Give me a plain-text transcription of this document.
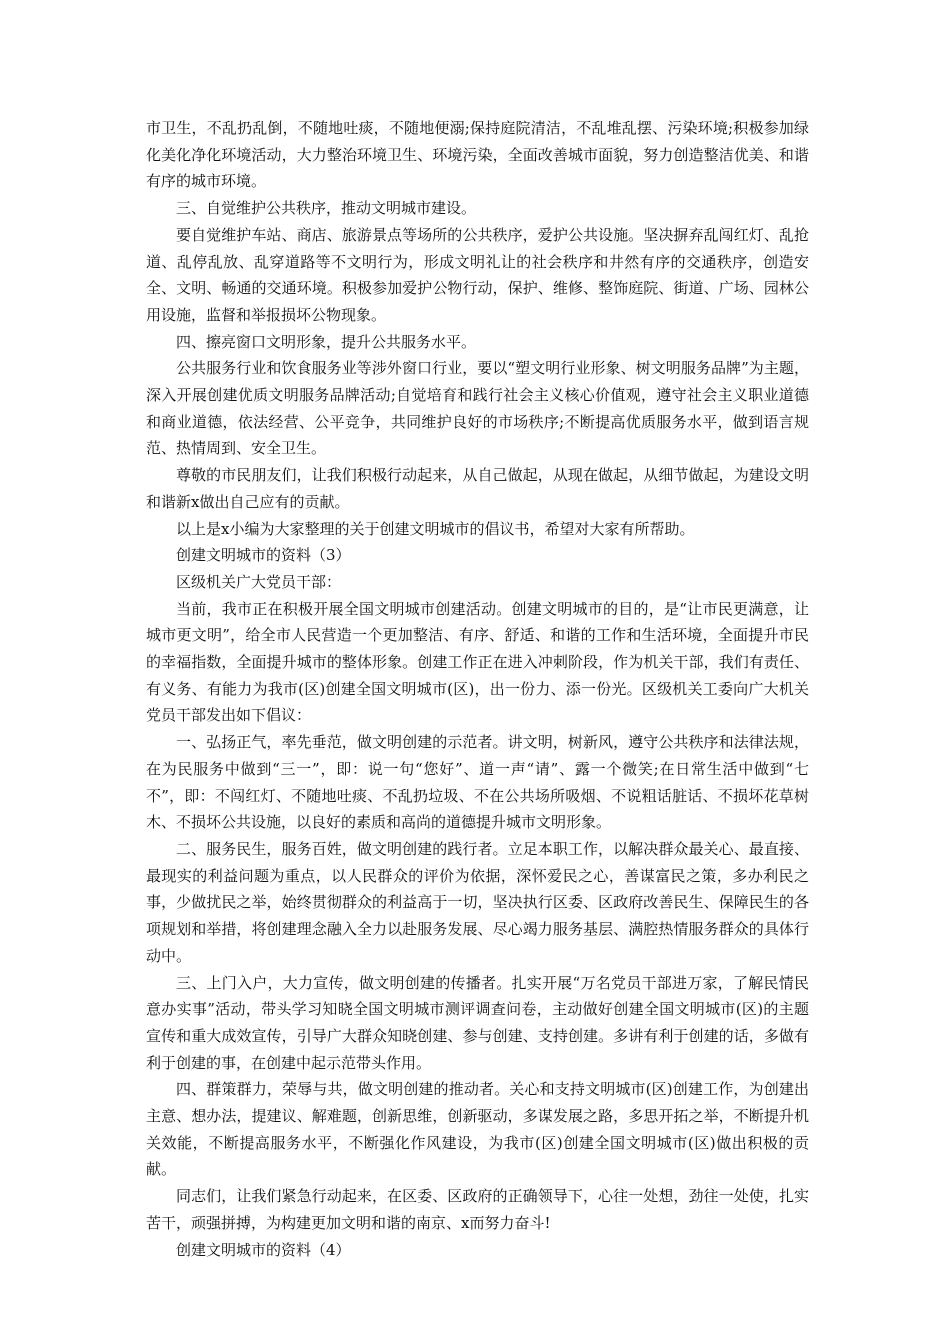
市卫生，不乱扔乱倒，不随地吐痰，不随地便溺;保持庭院清洁，不乱堆乱摆、污染环境;积极参加绿化美化净化环境活动，大力整治环境卫生、环境污染，全面改善城市面貌，努力创造整洁优美、和谐有序的城市环境。

三、自觉维护公共秩序，推动文明城市建设。

要自觉维护车站、商店、旅游景点等场所的公共秩序，爱护公共设施。坚决摒弃乱闯红灯、乱抢道、乱停乱放、乱穿道路等不文明行为，形成文明礼让的社会秩序和井然有序的交通秩序，创造安全、文明、畅通的交通环境。积极参加爱护公物行动，保护、维修、整饰庭院、街道、广场、园林公用设施，监督和举报损坏公物现象。

四、擦亮窗口文明形象，提升公共服务水平。

公共服务行业和饮食服务业等涉外窗口行业，要以“塑文明行业形象、树文明服务品牌”为主题，深入开展创建优质文明服务品牌活动;自觉培育和践行社会主义核心价值观，遵守社会主义职业道德和商业道德，依法经营、公平竞争，共同维护良好的市场秩序;不断提高优质服务水平，做到语言规范、热情周到、安全卫生。

尊敬的市民朋友们，让我们积极行动起来，从自己做起，从现在做起，从细节做起，为建设文明和谐新x做出自己应有的贡献。

以上是x小编为大家整理的关于创建文明城市的倡议书，希望对大家有所帮助。

创建文明城市的资料（3）

区级机关广大党员干部：

当前，我市正在积极开展全国文明城市创建活动。创建文明城市的目的，是“让市民更满意，让城市更文明”，给全市人民营造一个更加整洁、有序、舒适、和谐的工作和生活环境，全面提升市民的幸福指数，全面提升城市的整体形象。创建工作正在进入冲刺阶段，作为机关干部，我们有责任、有义务、有能力为我市(区)创建全国文明城市(区)，出一份力、添一份光。区级机关工委向广大机关党员干部发出如下倡议：

一、弘扬正气，率先垂范，做文明创建的示范者。讲文明，树新风，遵守公共秩序和法律法规，在为民服务中做到“三一”，即：说一句“您好”、道一声“请”、露一个微笑;在日常生活中做到“七不”，即：不闯红灯、不随地吐痰、不乱扔垃圾、不在公共场所吸烟、不说粗话脏话、不损坏花草树木、不损坏公共设施，以良好的素质和高尚的道德提升城市文明形象。

二、服务民生，服务百姓，做文明创建的践行者。立足本职工作，以解决群众最关心、最直接、最现实的利益问题为重点，以人民群众的评价为依据，深怀爱民之心，善谋富民之策，多办利民之事，少做扰民之举，始终贯彻群众的利益高于一切，坚决执行区委、区政府改善民生、保障民生的各项规划和举措，将创建理念融入全力以赴服务发展、尽心竭力服务基层、满腔热情服务群众的具体行动中。

三、上门入户，大力宣传，做文明创建的传播者。扎实开展“万名党员干部进万家，了解民情民意办实事”活动，带头学习知晓全国文明城市测评调查问卷，主动做好创建全国文明城市(区)的主题宣传和重大成效宣传，引导广大群众知晓创建、参与创建、支持创建。多讲有利于创建的话，多做有利于创建的事，在创建中起示范带头作用。

四、群策群力，荣辱与共，做文明创建的推动者。关心和支持文明城市(区)创建工作，为创建出主意、想办法，提建议、解难题，创新思维，创新驱动，多谋发展之路，多思开拓之举，不断提升机关效能，不断提高服务水平，不断强化作风建设，为我市(区)创建全国文明城市(区)做出积极的贡献。

同志们，让我们紧急行动起来，在区委、区政府的正确领导下，心往一处想，劲往一处使，扎实苦干，顽强拼搏，为构建更加文明和谐的南京、x而努力奋斗!

创建文明城市的资料（4）
